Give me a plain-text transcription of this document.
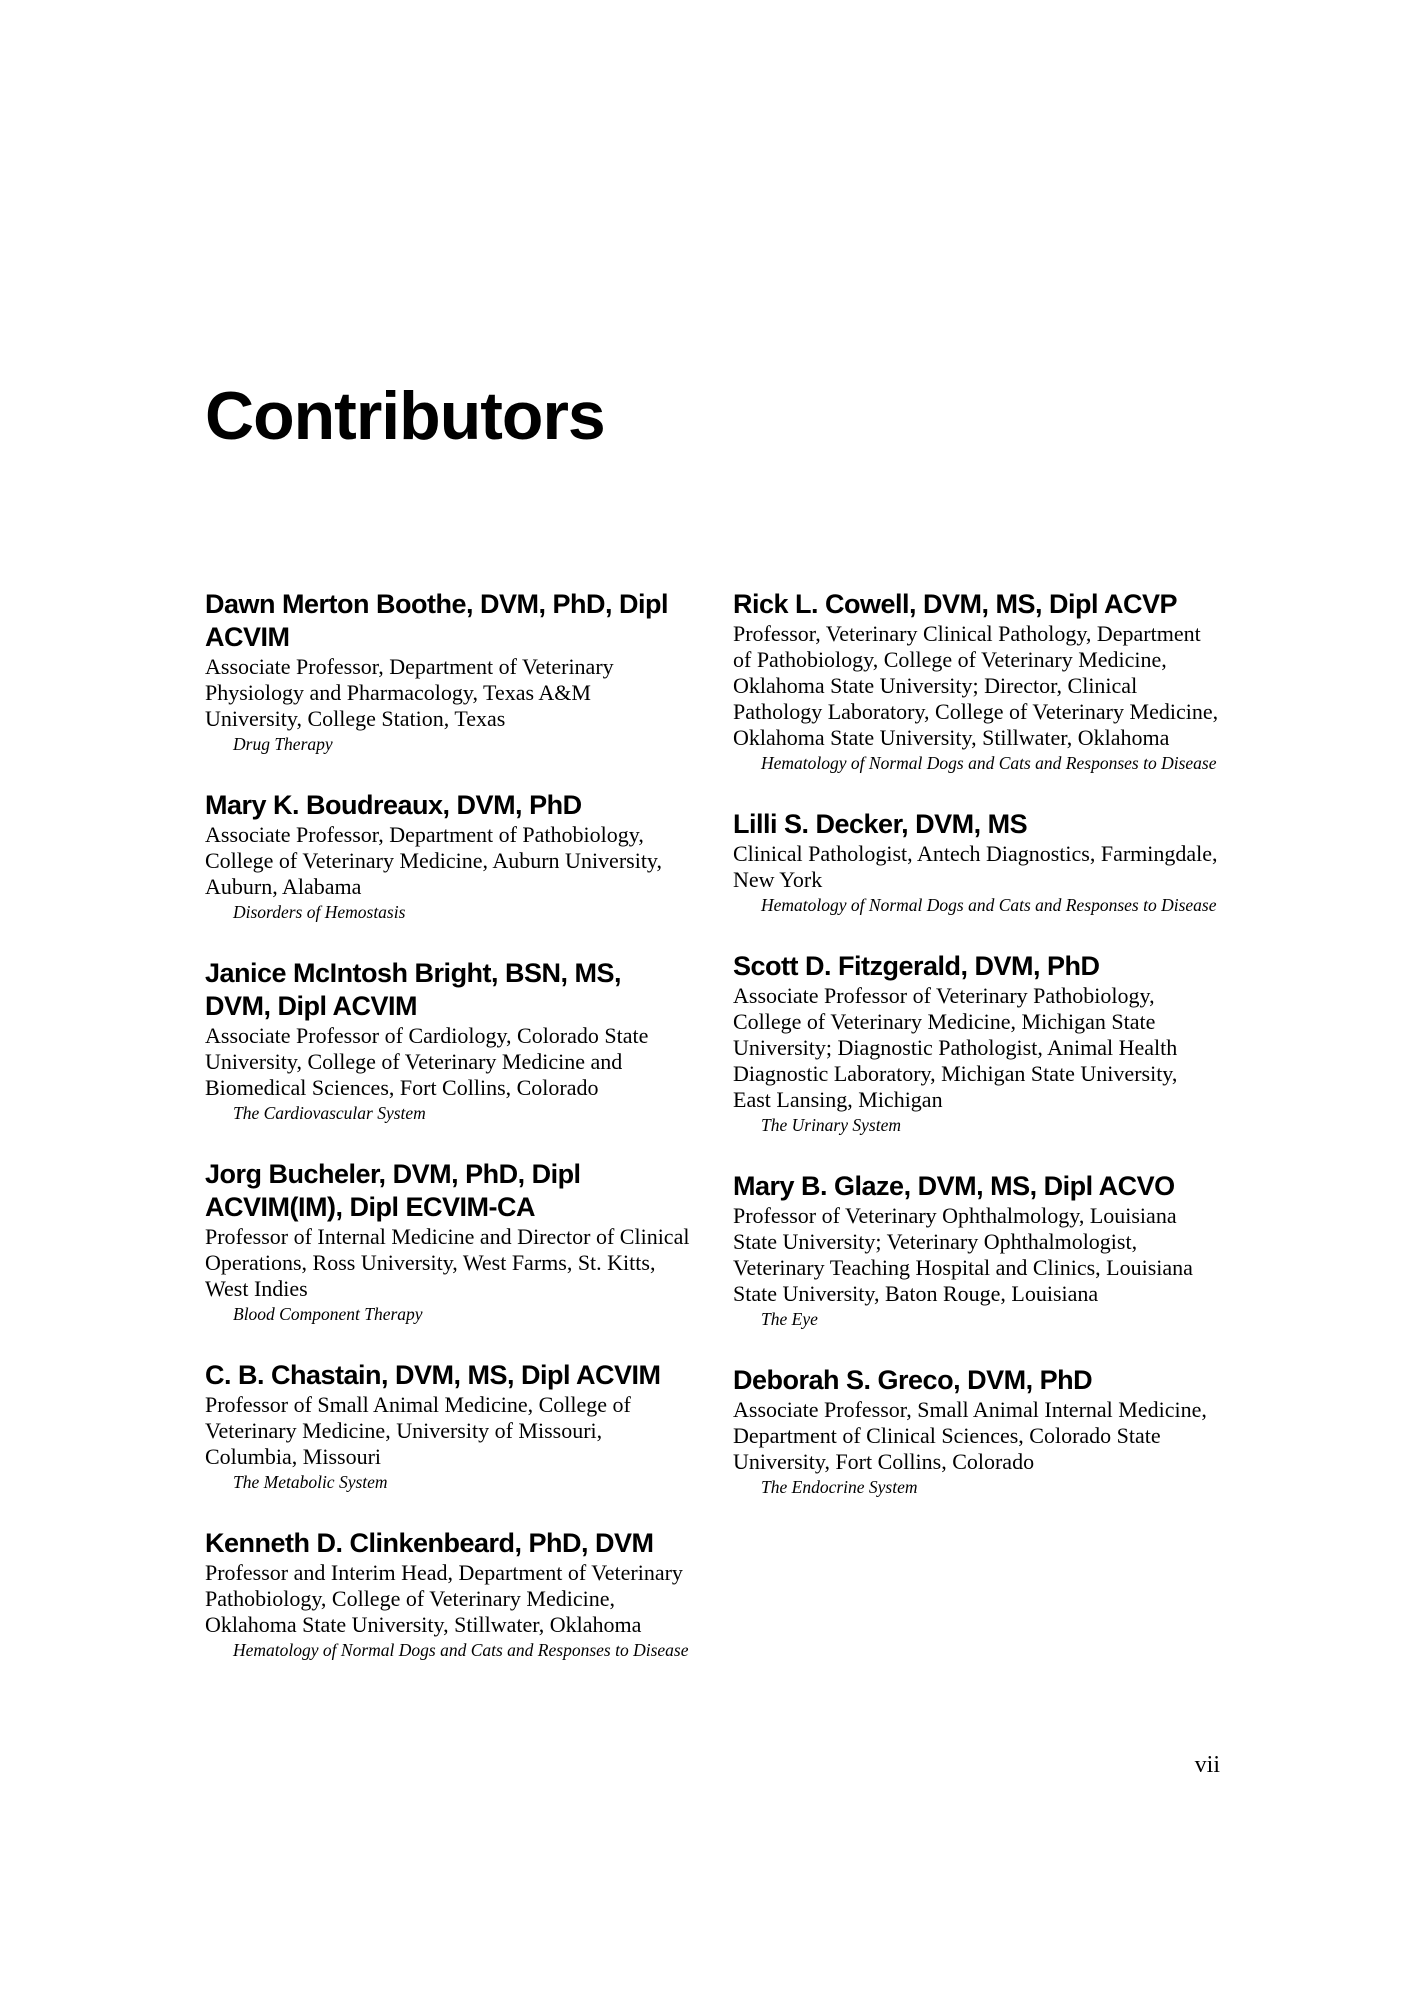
Contributors

Dawn Merton Boothe, DVM, PhD, Dipl ACVIM

Associate Professor, Department of Veterinary Physiology and Pharmacology, Texas A&M University, College Station, Texas

Drug Therapy

Mary K. Boudreaux, DVM, PhD

Associate Professor, Department of Pathobiology, College of Veterinary Medicine, Auburn University, Auburn, Alabama

Disorders of Hemostasis

Janice McIntosh Bright, BSN, MS, DVM, Dipl ACVIM

Associate Professor of Cardiology, Colorado State University, College of Veterinary Medicine and Biomedical Sciences, Fort Collins, Colorado

The Cardiovascular System

Jorg Bucheler, DVM, PhD, Dipl ACVIM(IM), Dipl ECVIM-CA

Professor of Internal Medicine and Director of Clinical Operations, Ross University, West Farms, St. Kitts, West Indies

Blood Component Therapy

C. B. Chastain, DVM, MS, Dipl ACVIM

Professor of Small Animal Medicine, College of Veterinary Medicine, University of Missouri, Columbia, Missouri

The Metabolic System

Kenneth D. Clinkenbeard, PhD, DVM

Professor and Interim Head, Department of Veterinary Pathobiology, College of Veterinary Medicine, Oklahoma State University, Stillwater, Oklahoma

Hematology of Normal Dogs and Cats and Responses to Disease

Rick L. Cowell, DVM, MS, Dipl ACVP

Professor, Veterinary Clinical Pathology, Department of Pathobiology, College of Veterinary Medicine, Oklahoma State University; Director, Clinical Pathology Laboratory, College of Veterinary Medicine, Oklahoma State University, Stillwater, Oklahoma

Hematology of Normal Dogs and Cats and Responses to Disease

Lilli S. Decker, DVM, MS

Clinical Pathologist, Antech Diagnostics, Farmingdale, New York

Hematology of Normal Dogs and Cats and Responses to Disease

Scott D. Fitzgerald, DVM, PhD

Associate Professor of Veterinary Pathobiology, College of Veterinary Medicine, Michigan State University; Diagnostic Pathologist, Animal Health Diagnostic Laboratory, Michigan State University, East Lansing, Michigan

The Urinary System

Mary B. Glaze, DVM, MS, Dipl ACVO

Professor of Veterinary Ophthalmology, Louisiana State University; Veterinary Ophthalmologist, Veterinary Teaching Hospital and Clinics, Louisiana State University, Baton Rouge, Louisiana

The Eye

Deborah S. Greco, DVM, PhD

Associate Professor, Small Animal Internal Medicine, Department of Clinical Sciences, Colorado State University, Fort Collins, Colorado

The Endocrine System

vii
